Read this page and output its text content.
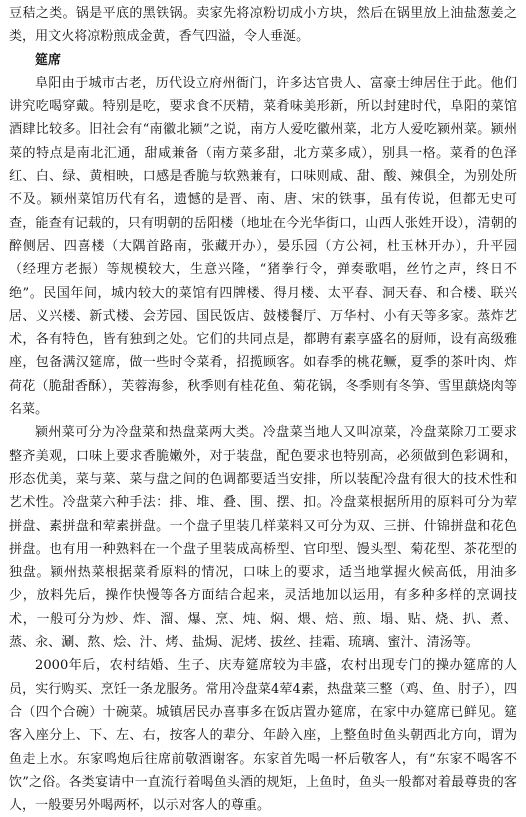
豆秸之类。锅是平底的黑铁锅。卖家先将凉粉切成小方块，然后在锅里放上油盐葱姜之类，用文火将凉粉煎成金黄，香气四溢，令人垂涎。

筵席

阜阳由于城市古老，历代设立府州衙门，许多达官贵人、富豪士绅居住于此。他们讲究吃喝穿戴。特别是吃，要求食不厌精，菜肴味美形新，所以封建时代，阜阳的菜馆酒肆比较多。旧社会有“南徽北颍”之说，南方人爱吃徽州菜，北方人爱吃颍州菜。颍州菜的特点是南北汇通，甜咸兼备（南方菜多甜，北方菜多咸），别具一格。菜肴的色泽红、白、绿、黄相映，口感是香脆与软熟兼有，口味则咸、甜、酸、辣俱全，为别处所不及。颍州菜馆历代有名，遗憾的是晋、南、唐、宋的铁事，虽有传说，但都无史可查，能查有记载的，只有明朝的岳阳楼（地址在今光华街口，山西人张姓开设），清朝的醉侧居、四喜楼（大隅首路南，张藏开办），晏乐园（方公祠，杜玉林开办），升平园（经理方老振）等规模较大，生意兴隆，“猪拳行令，弹奏歌唱，丝竹之声，终日不绝”。民国年间，城内较大的菜馆有四牌楼、得月楼、太平春、洞天春、和合楼、联兴居、义兴楼、新式楼、会芳园、国民饭店、鼓楼餐厅、万华村、小有天等多家。蒸炸艺术，各有特色，皆有独到之处。它们的共同点是，都聘有素享盛名的厨师，设有高级雅座，包备满汉筵席，做一些时令菜肴，招揽顾客。如春季的桃花鳜，夏季的茶叶肉、炸荷花（脆甜香酥），芙蓉海参，秋季则有桂花鱼、菊花锅，冬季则有冬笋、雪里蕻烧肉等名菜。

颍州菜可分为冷盘菜和热盘菜两大类。冷盘菜当地人又叫凉菜，冷盘菜除刀工要求整齐美观，口味上要求香脆嫩外，对于装盘，配色要求也特别高，必须做到色彩调和，形态优美，菜与菜、菜与盘之间的色调都要适当安排，所以装配冷盘有很大的技术性和艺术性。冷盘菜六种手法：排、堆、叠、围、摆、扣。冷盘菜根据所用的原料可分为荤拼盘、素拼盘和荤素拼盘。一个盘子里装几样菜料又可分为双、三拼、什锦拼盘和花色拼盘。也有用一种熟料在一个盘子里装成高桥型、官印型、馒头型、菊花型、茶花型的独盘。颍州热菜根据菜肴原料的情况，口味上的要求，适当地掌握火候高低，用油多少，放料先后，操作快慢等各方面结合起来，灵活地加以运用，有多种多样的烹调技术，一般可分为炒、炸、溜、爆、烹、炖、焖、煨、焙、煎、塌、贴、烧、扒、煮、蒸、汆、涮、熬、烩、汁、烤、盐焗、泥烤、拔丝、挂霜、琉璃、蜜汁、清汤等。

2000年后，农村结婚、生子、庆寿筵席较为丰盛，农村出现专门的操办筵席的人员，实行购买、烹饪一条龙服务。常用冷盘菜4荤4素，热盘菜三整（鸡、鱼、肘子），四合（四个合碗）十碗菜。城镇居民办喜事多在饭店置办筵席，在家中办筵席已鲜见。筵客入座分上、下、左、右，按客人的辈分、年龄入座，上整鱼时鱼头朝西北方向，谓为鱼走上水。东家鸣炮后往席前敬酒谢客。东家首先喝一杯后敬客人，有“东家不喝客不饮”之俗。各类宴请中一直流行着喝鱼头酒的规矩，上鱼时，鱼头一般都对着最尊贵的客人，一般要另外喝两杯，以示对客人的尊重。
